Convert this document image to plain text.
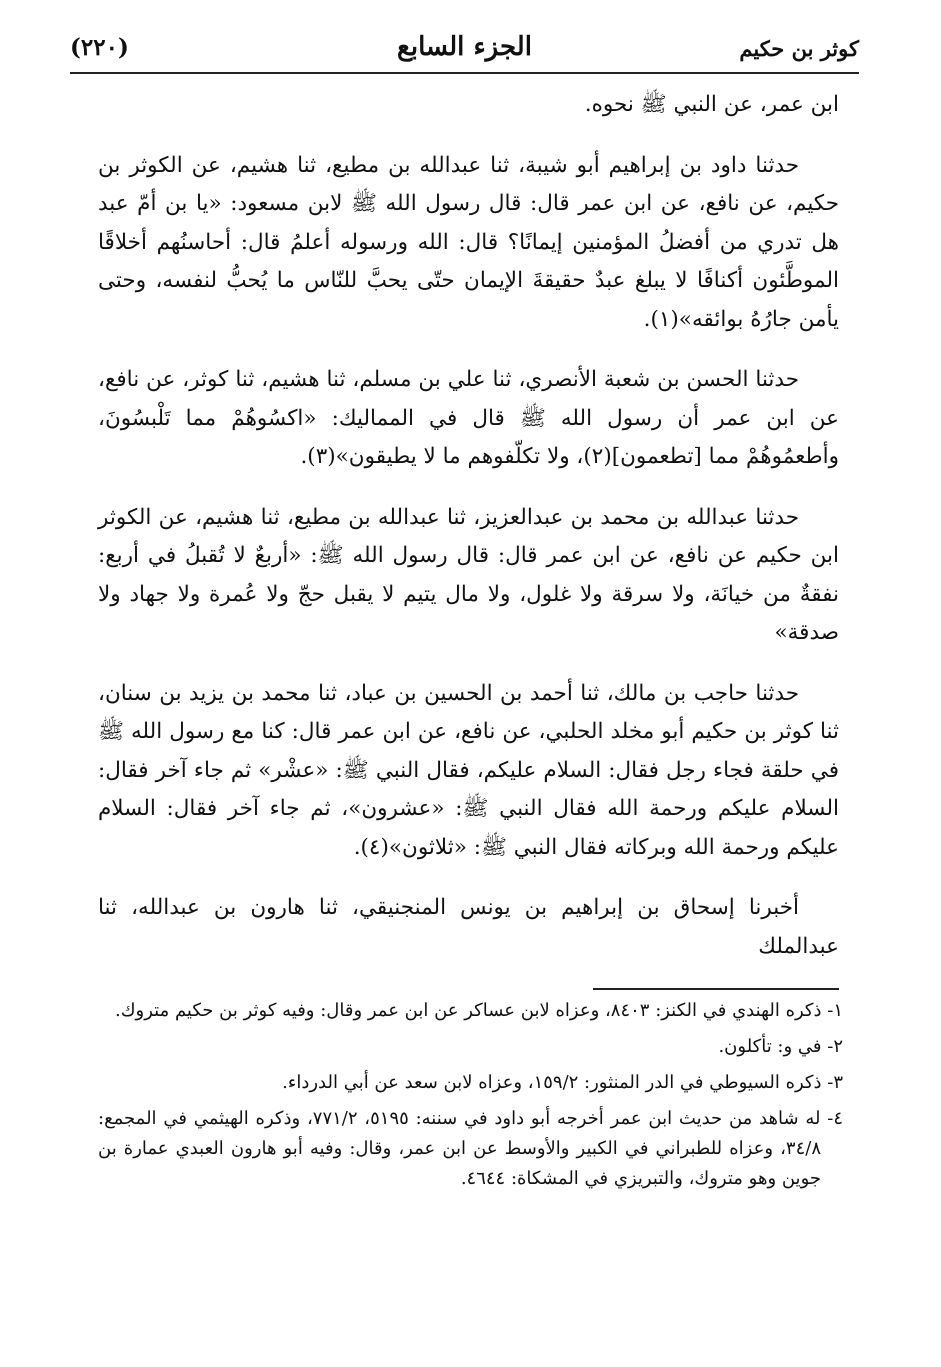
كوثر بن حكيم
الجزء السابع
(٢٢٠)

ابن عمر، عن النبي ﷺ نحوه.

حدثنا داود بن إبراهيم أبو شيبة، ثنا عبدالله بن مطيع، ثنا هشيم، عن الكوثر بن حكيم، عن نافع، عن ابن عمر قال: قال رسول الله ﷺ لابن مسعود: «يا بن أمّ عبد هل تدري من أفضلُ المؤمنين إيمانًا؟ قال: الله ورسوله أعلمُ قال: أحاسنُهم أخلاقًا الموطَّئون أكنافًا لا يبلغ عبدٌ حقيقةَ الإيمان حتّى يحبَّ للنّاس ما يُحبُّ لنفسه، وحتى يأمن جارُهُ بوائقه»(١).

حدثنا الحسن بن شعبة الأنصري، ثنا علي بن مسلم، ثنا هشيم، ثنا كوثر، عن نافع، عن ابن عمر أن رسول الله ﷺ قال في المماليك: «اكسُوهُمْ مما تَلْبسُونَ، وأطعمُوهُمْ مما [تطعمون](٢)، ولا تكلّفوهم ما لا يطيقون»(٣).

حدثنا عبدالله بن محمد بن عبدالعزيز، ثنا عبدالله بن مطيع، ثنا هشيم، عن الكوثر ابن حكيم عن نافع، عن ابن عمر قال: قال رسول الله ﷺ: «أربعٌ لا تُقبلُ في أربع: نفقةٌ من خيانَة، ولا سرقة ولا غلول، ولا مال يتيم لا يقبل حجّ ولا عُمرة ولا جهاد ولا صدقة»

حدثنا حاجب بن مالك، ثنا أحمد بن الحسين بن عباد، ثنا محمد بن يزيد بن سنان، ثنا كوثر بن حكيم أبو مخلد الحلبي، عن نافع، عن ابن عمر قال: كنا مع رسول الله ﷺ في حلقة فجاء رجل فقال: السلام عليكم، فقال النبي ﷺ: «عشْر» ثم جاء آخر فقال: السلام عليكم ورحمة الله فقال النبي ﷺ: «عشرون»، ثم جاء آخر فقال: السلام عليكم ورحمة الله وبركاته فقال النبي ﷺ: «ثلاثون»(٤).

أخبرنا إسحاق بن إبراهيم بن يونس المنجنيقي، ثنا هارون بن عبدالله، ثنا عبدالملك

١- ذكره الهندي في الكنز: ٨٤٠٣، وعزاه لابن عساكر عن ابن عمر وقال: وفيه كوثر بن حكيم متروك.

٢- في و: تأكلون.

٣- ذكره السيوطي في الدر المنثور: ١٥٩/٢، وعزاه لابن سعد عن أبي الدرداء.

٤- له شاهد من حديث ابن عمر أخرجه أبو داود في سننه: ٥١٩٥، ٧٧١/٢، وذكره الهيثمي في المجمع: ٣٤/٨، وعزاه للطبراني في الكبير والأوسط عن ابن عمر، وقال: وفيه أبو هارون العبدي عمارة بن جوين وهو متروك، والتبريزي في المشكاة: ٤٦٤٤.
